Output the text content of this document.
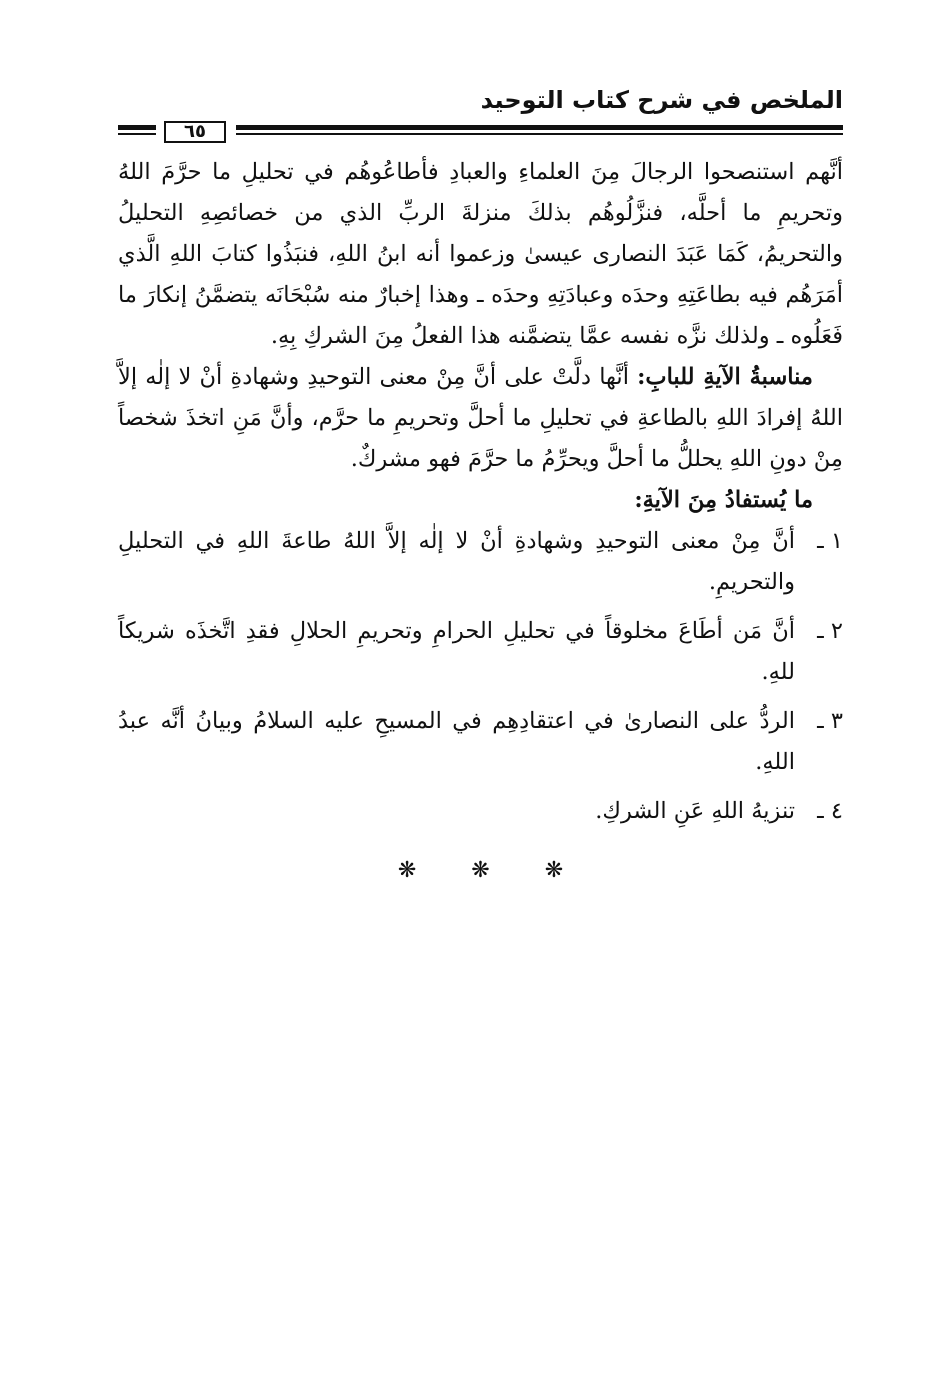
الملخص في شرح كتاب التوحيد
٦٥

أنَّهم استنصحوا الرجالَ مِنَ العلماءِ والعبادِ فأطاعُوهُم في تحليلِ ما حرَّمَ اللهُ وتحريمِ ما أحلَّه، فنزَّلُوهُم بذلكَ منزلةَ الربِّ الذي من خصائصِهِ التحليلُ والتحريمُ، كَمَا عَبَدَ النصارى عيسىٰ وزعموا أنه ابنُ اللهِ، فنبَذُوا كتابَ اللهِ الَّذي أمَرَهُم فيه بطاعَتِهِ وحدَه وعبادَتِهِ وحدَه ـ وهذا إخبارٌ منه سُبْحَانَه يتضمَّنُ إنكارَ ما فَعَلُوه ـ ولذلك نزَّه نفسه عمَّا يتضمَّنه هذا الفعلُ مِنَ الشركِ بِهِ.

مناسبةُ الآيةِ للبابِ: أنَّها دلَّتْ على أنَّ مِنْ معنى التوحيدِ وشهادةِ أنْ لا إلٰه إلاَّ اللهُ إفرادَ اللهِ بالطاعةِ في تحليلِ ما أحلَّ وتحريمِ ما حرَّم، وأنَّ مَنِ اتخذَ شخصاً مِنْ دونِ اللهِ يحللُّ ما أحلَّ ويحرِّمُ ما حرَّمَ فهو مشركٌ.

ما يُستفادُ مِنَ الآيةِ:

١ ـ
أنَّ مِنْ معنى التوحيدِ وشهادةِ أنْ لا إلٰه إلاَّ اللهُ طاعةَ اللهِ في التحليلِ والتحريمِ.
٢ ـ
أنَّ مَن أطَاعَ مخلوقاً في تحليلِ الحرامِ وتحريمِ الحلالِ فقدِ اتَّخذَه شريكاً للهِ.
٣ ـ
الردُّ على النصارىٰ في اعتقادِهِم في المسيحِ عليه السلامُ وبيانُ أنَّه عبدُ اللهِ.
٤ ـ
تنزيهُ اللهِ عَنِ الشركِ.
❋ ❋ ❋
